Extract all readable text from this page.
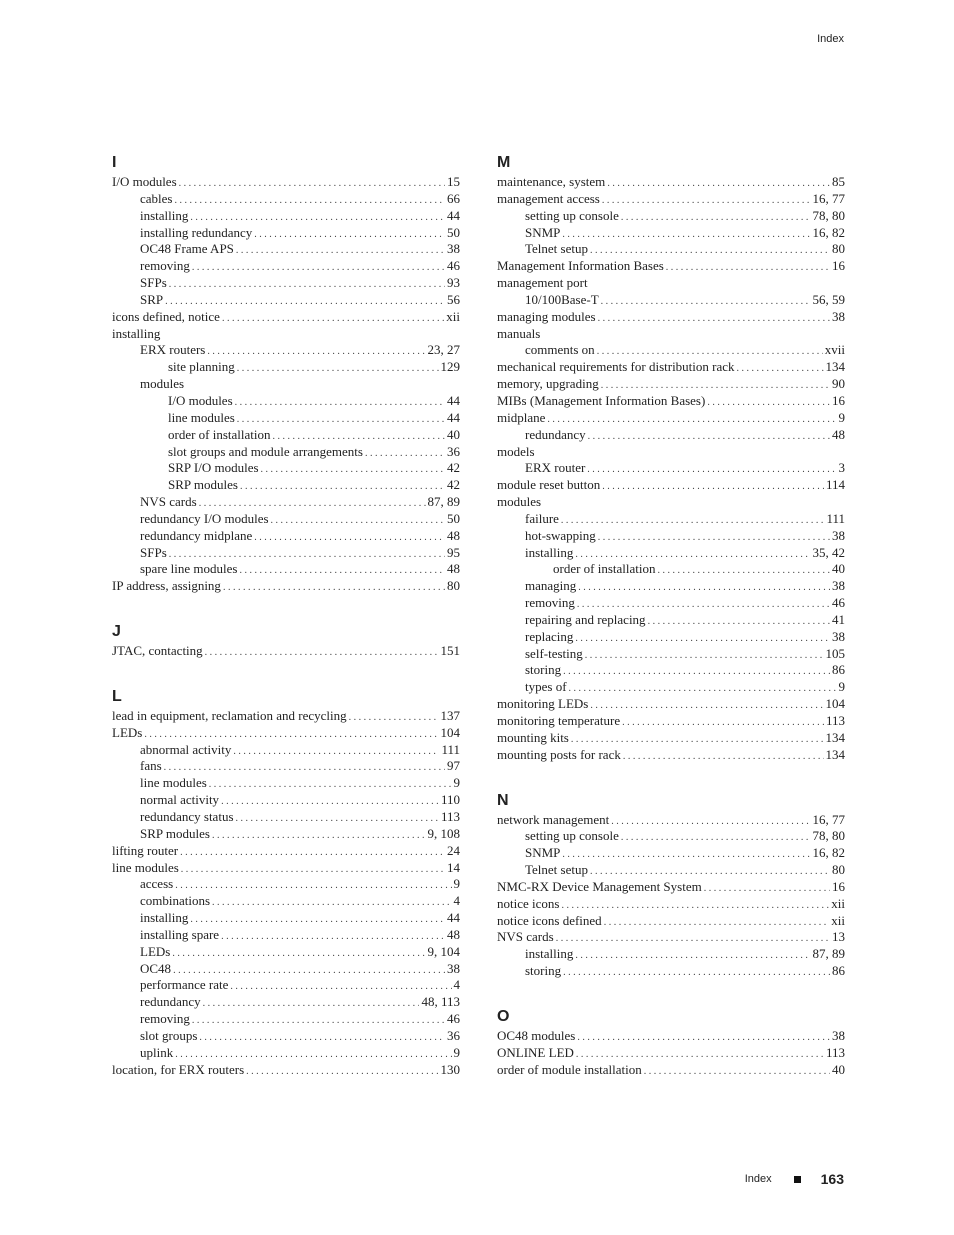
Index
I
I/O modules . . .	15
cables . . .	66
installing . . .	44
installing redundancy . . .	50
OC48 Frame APS . . .	38
removing . . .	46
SFPs . . .	93
SRP . . .	56
icons defined, notice . . .	xii
installing
ERX routers . . .	23, 27
site planning . . .	129
modules
I/O modules . . .	44
line modules . . .	44
order of installation . . .	40
slot groups and module arrangements . . .	36
SRP I/O modules . . .	42
SRP modules . . .	42
NVS cards . . .	87, 89
redundancy I/O modules . . .	50
redundancy midplane . . .	48
SFPs . . .	95
spare line modules . . .	48
IP address, assigning . . .	80
J
JTAC, contacting . . .	151
L
lead in equipment, reclamation and recycling . . .	137
LEDs . . .	104
abnormal activity . . .	111
fans . . .	97
line modules . . .	9
normal activity . . .	110
redundancy status . . .	113
SRP modules . . .	9, 108
lifting router . . .	24
line modules . . .	14
access . . .	9
combinations . . .	4
installing . . .	44
installing spare . . .	48
LEDs . . .	9, 104
OC48 . . .	38
performance rate . . .	4
redundancy . . .	48, 113
removing . . .	46
slot groups . . .	36
uplink . . .	9
location, for ERX routers . . .	130
M
maintenance, system . . .	85
management access . . .	16, 77
setting up console . . .	78, 80
SNMP . . .	16, 82
Telnet setup . . .	80
Management Information Bases . . .	16
management port
10/100Base-T . . .	56, 59
managing modules . . .	38
manuals
comments on . . .	xvii
mechanical requirements for distribution rack . . .	134
memory, upgrading . . .	90
MIBs (Management Information Bases) . . .	16
midplane . . .	9
redundancy . . .	48
models
ERX router . . .	3
module reset button . . .	114
modules
failure . . .	111
hot-swapping . . .	38
installing . . .	35, 42
order of installation . . .	40
managing . . .	38
removing . . .	46
repairing and replacing . . .	41
replacing . . .	38
self-testing . . .	105
storing . . .	86
types of . . .	9
monitoring LEDs . . .	104
monitoring temperature . . .	113
mounting kits . . .	134
mounting posts for rack . . .	134
N
network management . . .	16, 77
setting up console . . .	78, 80
SNMP . . .	16, 82
Telnet setup . . .	80
NMC-RX Device Management System . . .	16
notice icons . . .	xii
notice icons defined . . .	xii
NVS cards . . .	13
installing . . .	87, 89
storing . . .	86
O
OC48 modules . . .	38
ONLINE LED . . .	113
order of module installation . . .	40
Index	163
